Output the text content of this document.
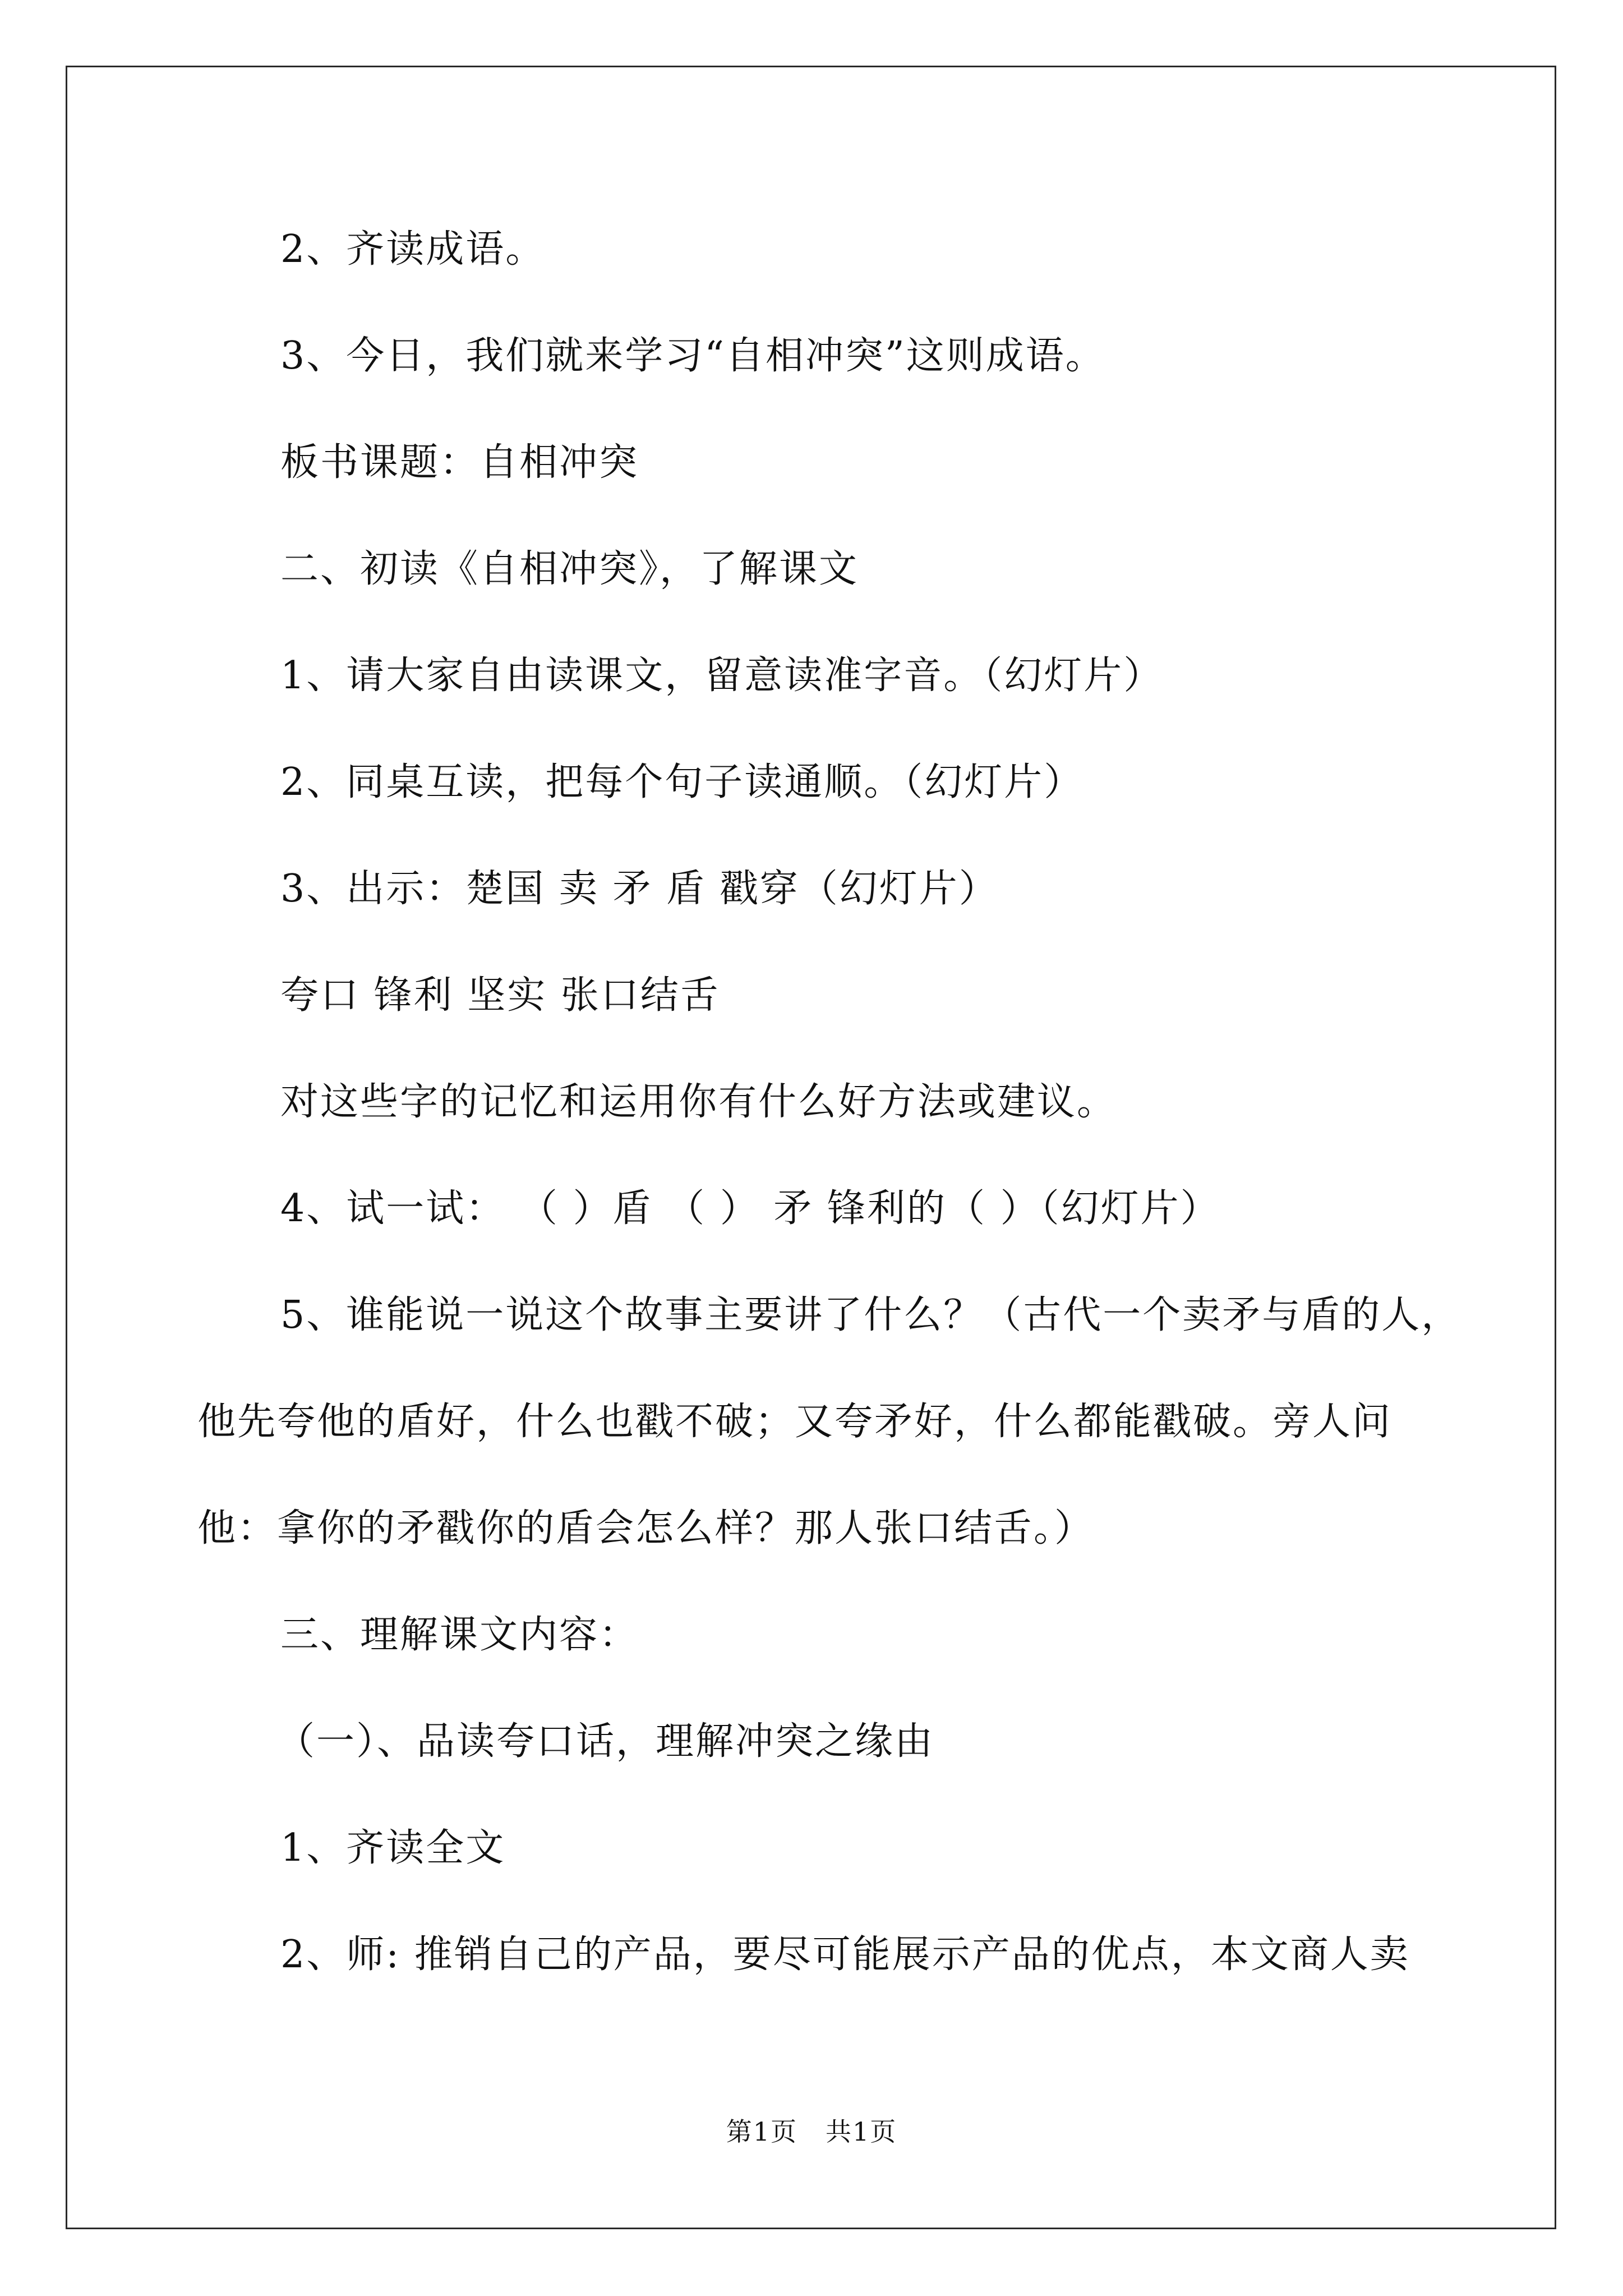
2、齐读成语。
3、今日，我们就来学习“自相冲突”这则成语。
板书课题：自相冲突
二、初读《自相冲突》，了解课文
1、请大家自由读课文，留意读准字音。（幻灯片）
2、同桌互读，把每个句子读通顺。（幻灯片）
3、出示：楚国 卖 矛 盾 戳穿（幻灯片）
夸口 锋利 坚实 张口结舌
对这些字的记忆和运用你有什么好方法或建议。
4、试一试： （ ）盾 （ ） 矛 锋利的（ ）（幻灯片）
5、谁能说一说这个故事主要讲了什么？（古代一个卖矛与盾的人，
他先夸他的盾好，什么也戳不破；又夸矛好，什么都能戳破。旁人问
他：拿你的矛戳你的盾会怎么样？那人张口结舌。）
三、理解课文内容：
（一）、品读夸口话，理解冲突之缘由
1、齐读全文
2、师: 推销自己的产品，要尽可能展示产品的优点，本文商人卖
第1页 共1页
